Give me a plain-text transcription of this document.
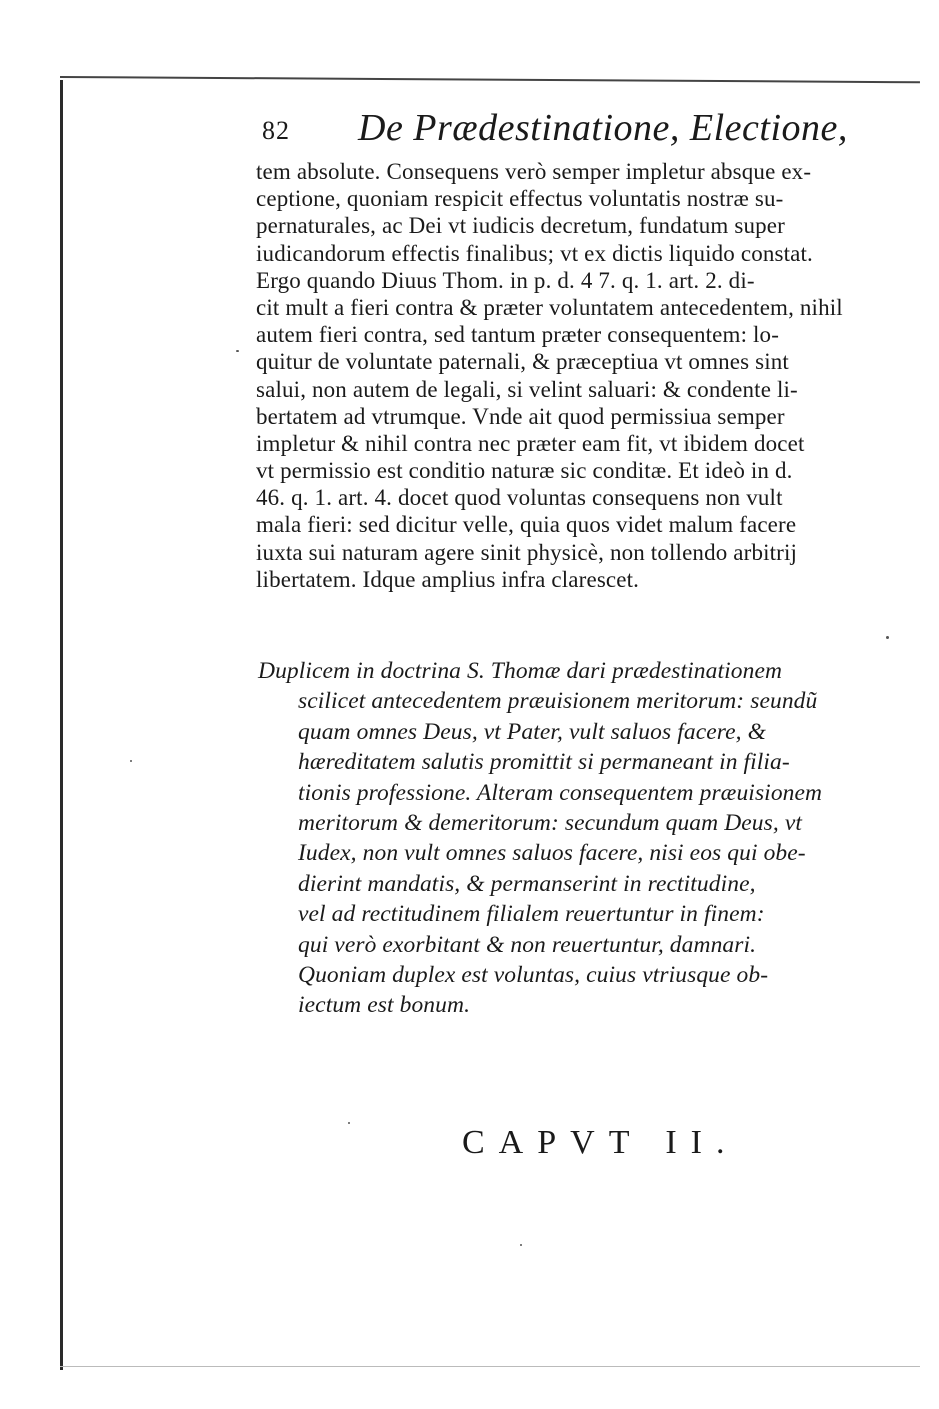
82 De Prædestinatione, Electione,
tem absolute. Consequens verò semper impletur absque ex-
ceptione, quoniam respicit effectus voluntatis nostræ su-
pernaturales, ac Dei vt iudicis decretum, fundatum super
iudicandorum effectis finalibus; vt ex dictis liquido constat.
Ergo quando Diuus Thom. in p. d. 4 7. q. 1. art. 2. di-
cit mult a fieri contra & præter voluntatem antecedentem, nihil
autem fieri contra, sed tantum præter consequentem: lo-
quitur de voluntate paternali, & præceptiua vt omnes sint
salui, non autem de legali, si velint saluari: & condente li-
bertatem ad vtrumque. Vnde ait quod permissiua semper
impletur & nihil contra nec præter eam fit, vt ibidem docet
vt permissio est conditio naturæ sic conditæ. Et ideò in d.
46. q. 1. art. 4. docet quod voluntas consequens non vult
mala fieri: sed dicitur velle, quia quos videt malum facere
iuxta sui naturam agere sinit physicè, non tollendo arbitrij
libertatem. Idque amplius infra clarescet.
Duplicem in doctrina S. Thomæ dari prædestinationem
scilicet antecedentem præuisionem meritorum: seundũ
quam omnes Deus, vt Pater, vult saluos facere, &
hæreditatem salutis promittit si permaneant in filia-
tionis professione. Alteram consequentem præuisionem
meritorum & demeritorum: secundum quam Deus, vt
Iudex, non vult omnes saluos facere, nisi eos qui obe-
dierint mandatis, & permanserint in rectitudine,
vel ad rectitudinem filialem reuertuntur in finem:
qui verò exorbitant & non reuertuntur, damnari.
Quoniam duplex est voluntas, cuius vtriusque ob-
iectum est bonum.
CAPVT II.
